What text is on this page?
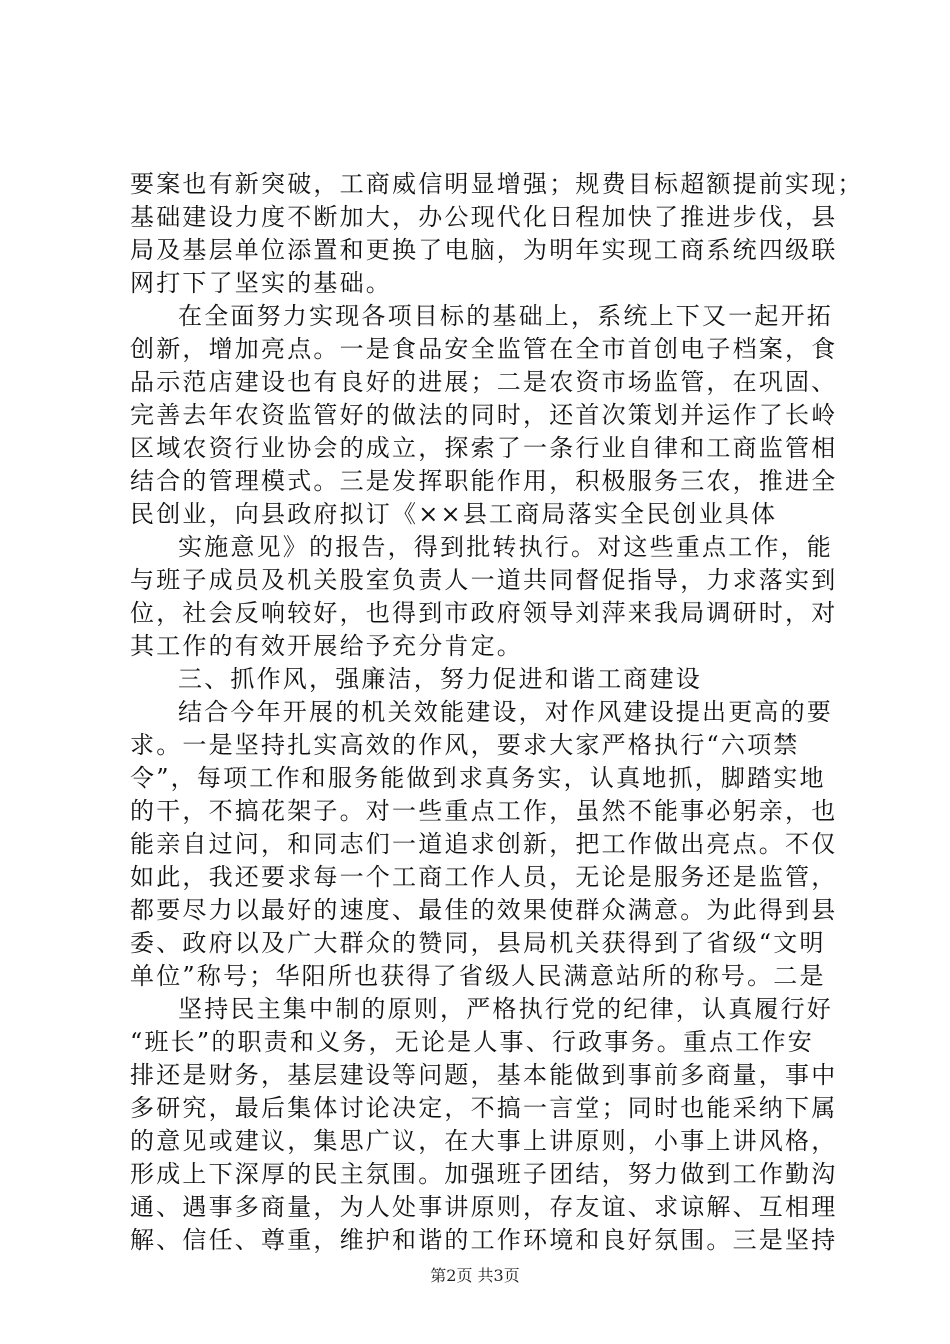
要案也有新突破，工商威信明显增强；规费目标超额提前实现；
基础建设力度不断加大，办公现代化日程加快了推进步伐，县
局及基层单位添置和更换了电脑，为明年实现工商系统四级联
网打下了坚实的基础。
在全面努力实现各项目标的基础上，系统上下又一起开拓
创新，增加亮点。一是食品安全监管在全市首创电子档案，食
品示范店建设也有良好的进展；二是农资市场监管，在巩固、
完善去年农资监管好的做法的同时，还首次策划并运作了长岭
区域农资行业协会的成立，探索了一条行业自律和工商监管相
结合的管理模式。三是发挥职能作用，积极服务三农，推进全
民创业，向县政府拟订《××县工商局落实全民创业具体
实施意见》的报告，得到批转执行。对这些重点工作，能
与班子成员及机关股室负责人一道共同督促指导，力求落实到
位，社会反响较好，也得到市政府领导刘萍来我局调研时，对
其工作的有效开展给予充分肯定。
三、抓作风，强廉洁，努力促进和谐工商建设
结合今年开展的机关效能建设，对作风建设提出更高的要
求。一是坚持扎实高效的作风，要求大家严格执行“六项禁
令”，每项工作和服务能做到求真务实，认真地抓，脚踏实地
的干，不搞花架子。对一些重点工作，虽然不能事必躬亲，也
能亲自过问，和同志们一道追求创新，把工作做出亮点。不仅
如此，我还要求每一个工商工作人员，无论是服务还是监管，
都要尽力以最好的速度、最佳的效果使群众满意。为此得到县
委、政府以及广大群众的赞同，县局机关获得到了省级“文明
单位”称号；华阳所也获得了省级人民满意站所的称号。二是
坚持民主集中制的原则，严格执行党的纪律，认真履行好
“班长”的职责和义务，无论是人事、行政事务。重点工作安
排还是财务，基层建设等问题，基本能做到事前多商量，事中
多研究，最后集体讨论决定，不搞一言堂；同时也能采纳下属
的意见或建议，集思广议，在大事上讲原则，小事上讲风格，
形成上下深厚的民主氛围。加强班子团结，努力做到工作勤沟
通、遇事多商量，为人处事讲原则，存友谊、求谅解、互相理
解、信任、尊重，维护和谐的工作环境和良好氛围。三是坚持
第2页 共3页
